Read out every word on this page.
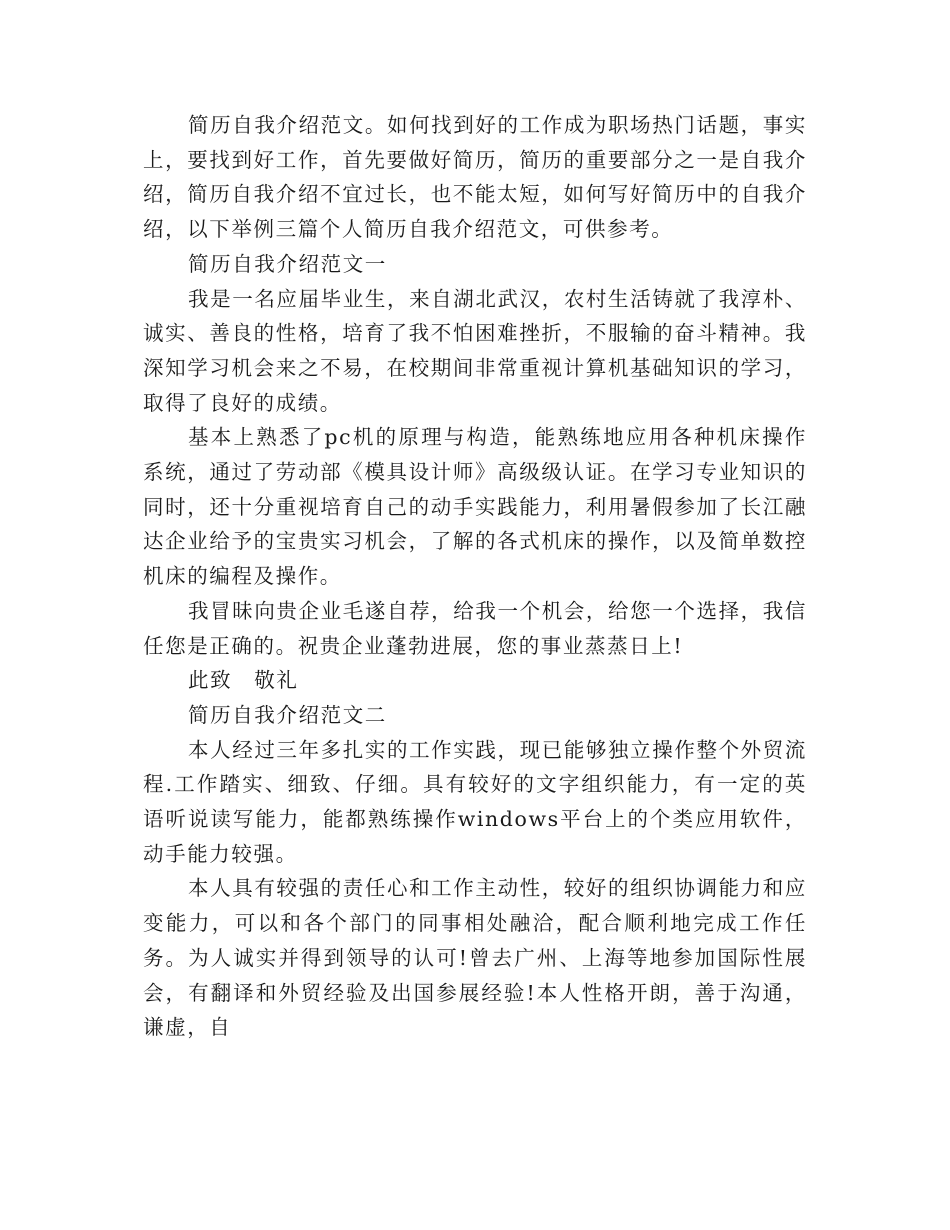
简历自我介绍范文。如何找到好的工作成为职场热门话题，事实上，要找到好工作，首先要做好简历，简历的重要部分之一是自我介绍，简历自我介绍不宜过长，也不能太短，如何写好简历中的自我介绍，以下举例三篇个人简历自我介绍范文，可供参考。

简历自我介绍范文一

我是一名应届毕业生，来自湖北武汉，农村生活铸就了我淳朴、诚实、善良的性格，培育了我不怕困难挫折，不服输的奋斗精神。我深知学习机会来之不易，在校期间非常重视计算机基础知识的学习，取得了良好的成绩。

基本上熟悉了pc机的原理与构造，能熟练地应用各种机床操作系统，通过了劳动部《模具设计师》高级级认证。在学习专业知识的同时，还十分重视培育自己的动手实践能力，利用暑假参加了长江融达企业给予的宝贵实习机会，了解的各式机床的操作，以及简单数控机床的编程及操作。

我冒昧向贵企业毛遂自荐，给我一个机会，给您一个选择，我信任您是正确的。祝贵企业蓬勃进展，您的事业蒸蒸日上!

此致　敬礼

简历自我介绍范文二

本人经过三年多扎实的工作实践，现已能够独立操作整个外贸流程.工作踏实、细致、仔细。具有较好的文字组织能力，有一定的英语听说读写能力，能都熟练操作windows平台上的个类应用软件，动手能力较强。

本人具有较强的责任心和工作主动性，较好的组织协调能力和应变能力，可以和各个部门的同事相处融洽，配合顺利地完成工作任务。为人诚实并得到领导的认可!曾去广州、上海等地参加国际性展会，有翻译和外贸经验及出国参展经验!本人性格开朗，善于沟通，谦虚，自
